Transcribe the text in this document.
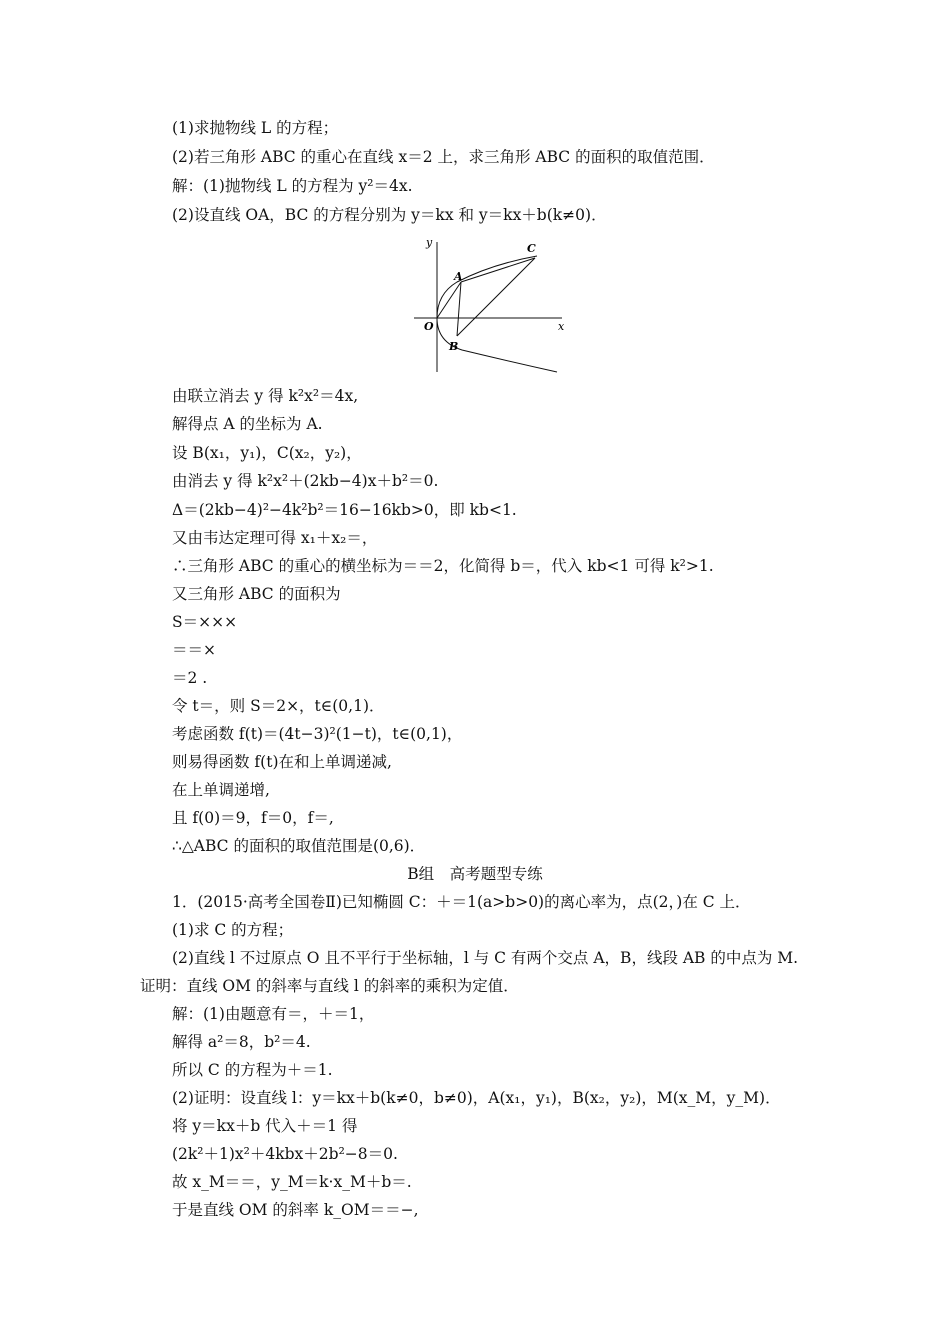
(1)求抛物线 L 的方程；
(2)若三角形 ABC 的重心在直线 x＝2 上，求三角形 ABC 的面积的取值范围．
解：(1)抛物线 L 的方程为 y²＝4x.
(2)设直线 OA，BC 的方程分别为 y＝kx 和 y＝kx＋b(k≠0)．
y
x
O
A
B
C
由联立消去 y 得 k²x²＝4x,
解得点 A 的坐标为 A.
设 B(x₁，y₁)，C(x₂，y₂)，
由消去 y 得 k²x²＋(2kb−4)x＋b²＝0.
Δ＝(2kb−4)²−4k²b²＝16−16kb>0，即 kb<1.
又由韦达定理可得 x₁＋x₂＝，
∴三角形 ABC 的重心的横坐标为＝＝2，化简得 b＝，代入 kb<1 可得 k²>1.
又三角形 ABC 的面积为
S＝×××
＝＝×
＝2 .
令 t＝，则 S＝2×，t∈(0,1)．
考虑函数 f(t)＝(4t−3)²(1−t)，t∈(0,1)，
则易得函数 f(t)在和上单调递减,
在上单调递增,
且 f(0)＝9，f＝0，f＝,
∴△ABC 的面积的取值范围是(0,6)．
B组　高考题型专练
1．(2015·高考全国卷Ⅱ)已知椭圆 C：＋＝1(a>b>0)的离心率为，点(2，)在 C 上．
(1)求 C 的方程；
(2)直线 l 不过原点 O 且不平行于坐标轴，l 与 C 有两个交点 A，B，线段 AB 的中点为 M.
证明：直线 OM 的斜率与直线 l 的斜率的乘积为定值．
解：(1)由题意有＝，＋＝1，
解得 a²＝8，b²＝4.
所以 C 的方程为＋＝1.
(2)证明：设直线 l：y＝kx＋b(k≠0，b≠0)，A(x₁，y₁)，B(x₂，y₂)，M(x_M，y_M)．
将 y＝kx＋b 代入＋＝1 得
(2k²＋1)x²＋4kbx＋2b²−8＝0.
故 x_M＝＝，y_M＝k·x_M＋b＝.
于是直线 OM 的斜率 k_OM＝＝−,
